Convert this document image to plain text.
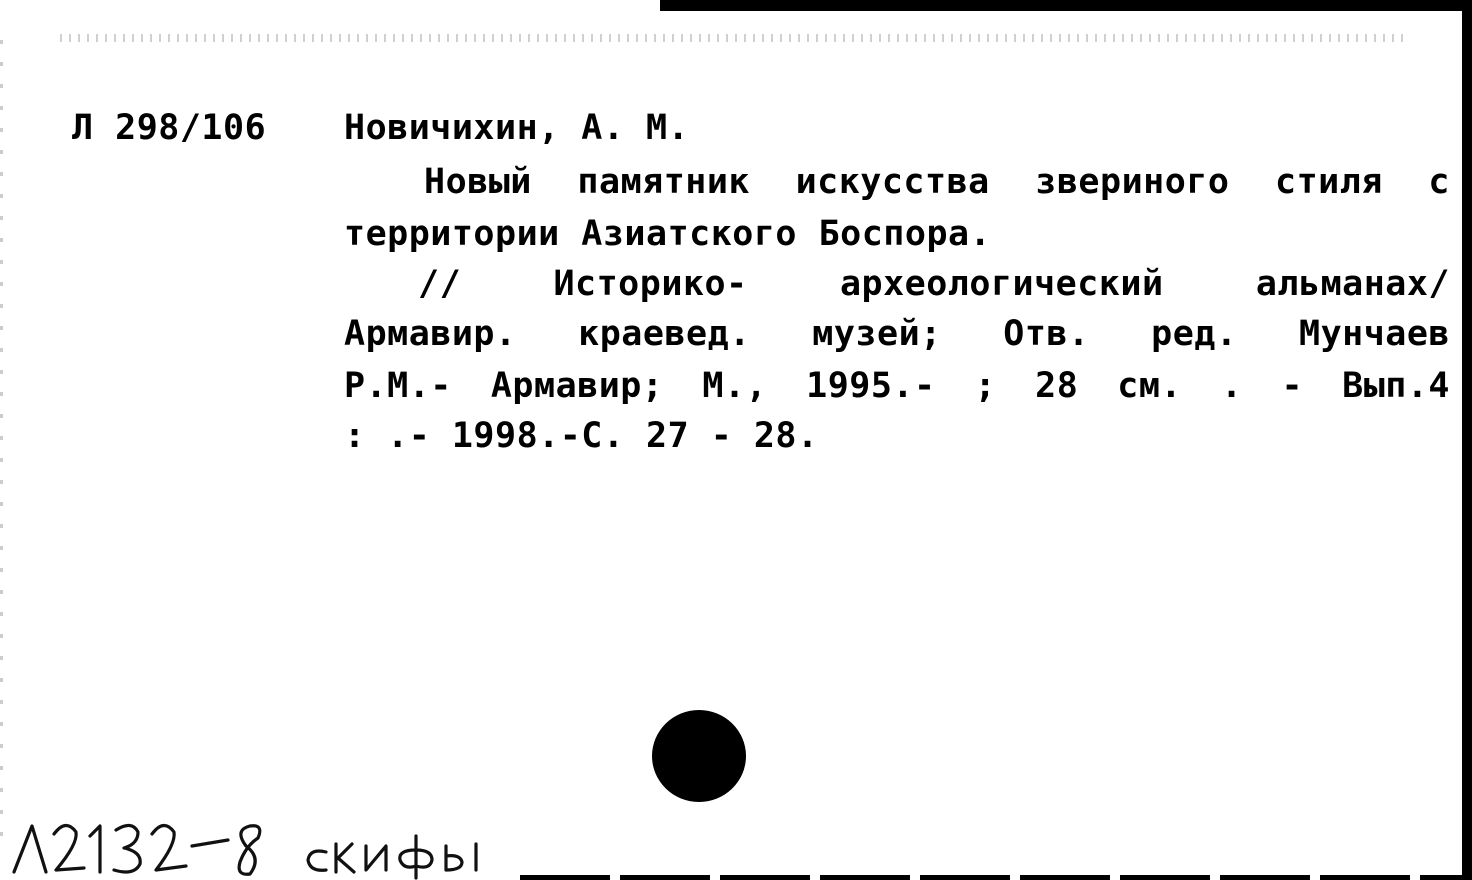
Л 298/106 Новичихин, А. М.
Новый памятник искусства звериного стиля с
территории Азиатского Боспора.
// Историко- археологический альманах/
Армавир. краевед. музей; Отв. ред. Мунчаев
Р.М.- Армавир; М., 1995.- ; 28 см. . - Вып.4
: .- 1998.-С. 27 - 28.
